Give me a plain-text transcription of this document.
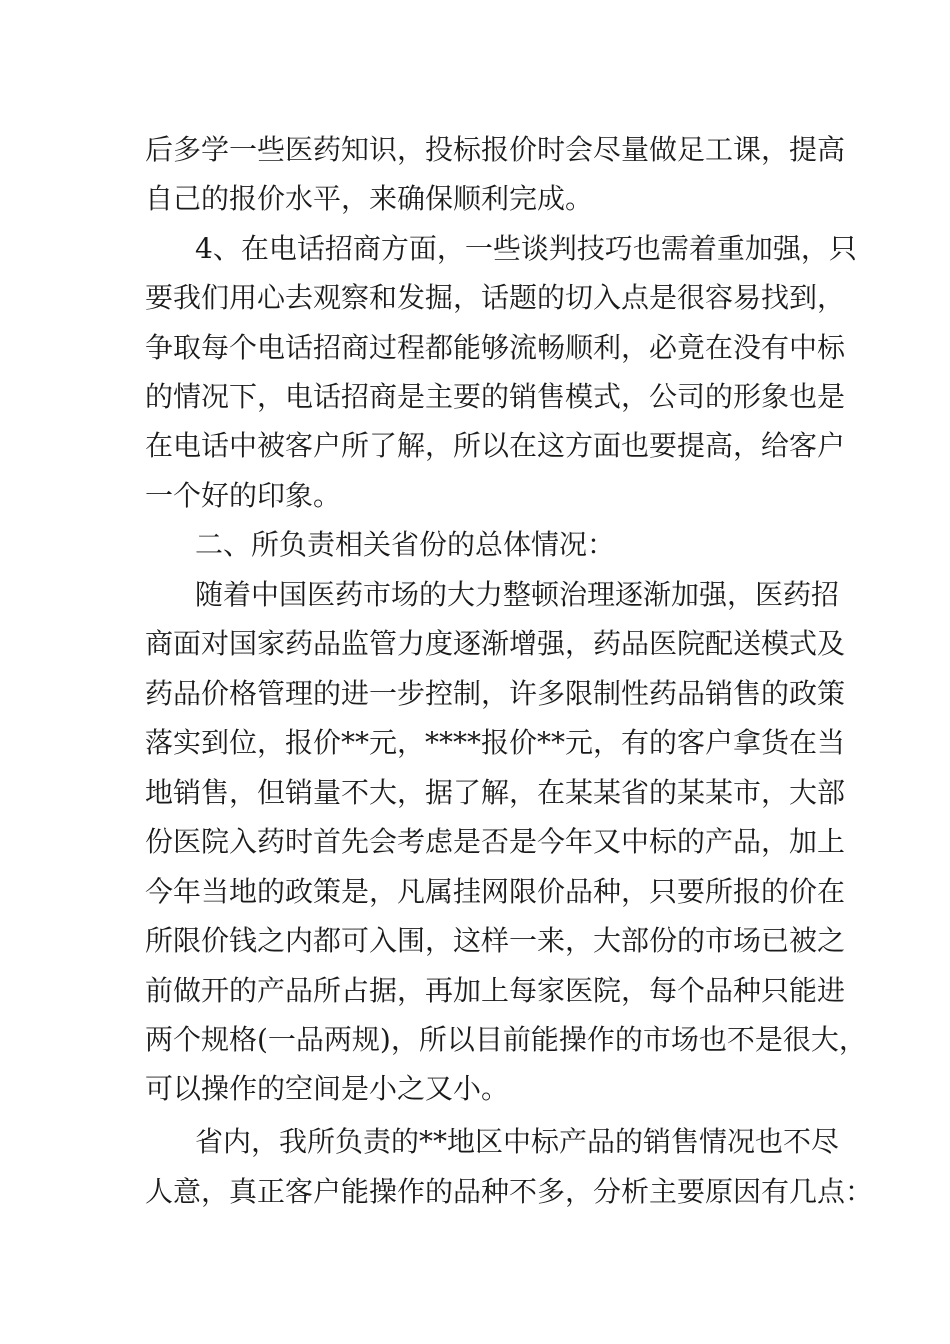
后多学一些医药知识，投标报价时会尽量做足工课，提高
自己的报价水平，来确保顺利完成。
4、在电话招商方面，一些谈判技巧也需着重加强，只
要我们用心去观察和发掘，话题的切入点是很容易找到，
争取每个电话招商过程都能够流畅顺利，必竟在没有中标
的情况下，电话招商是主要的销售模式，公司的形象也是
在电话中被客户所了解，所以在这方面也要提高，给客户
一个好的印象。
二、所负责相关省份的总体情况：
随着中国医药市场的大力整顿治理逐渐加强，医药招
商面对国家药品监管力度逐渐增强，药品医院配送模式及
药品价格管理的进一步控制，许多限制性药品销售的政策
落实到位，报价**元，****报价**元，有的客户拿货在当
地销售，但销量不大，据了解，在某某省的某某市，大部
份医院入药时首先会考虑是否是今年又中标的产品，加上
今年当地的政策是，凡属挂网限价品种，只要所报的价在
所限价钱之内都可入围，这样一来，大部份的市场已被之
前做开的产品所占据，再加上每家医院，每个品种只能进
两个规格(一品两规)，所以目前能操作的市场也不是很大，
可以操作的空间是小之又小。
省内，我所负责的**地区中标产品的销售情况也不尽
人意，真正客户能操作的品种不多，分析主要原因有几点：
